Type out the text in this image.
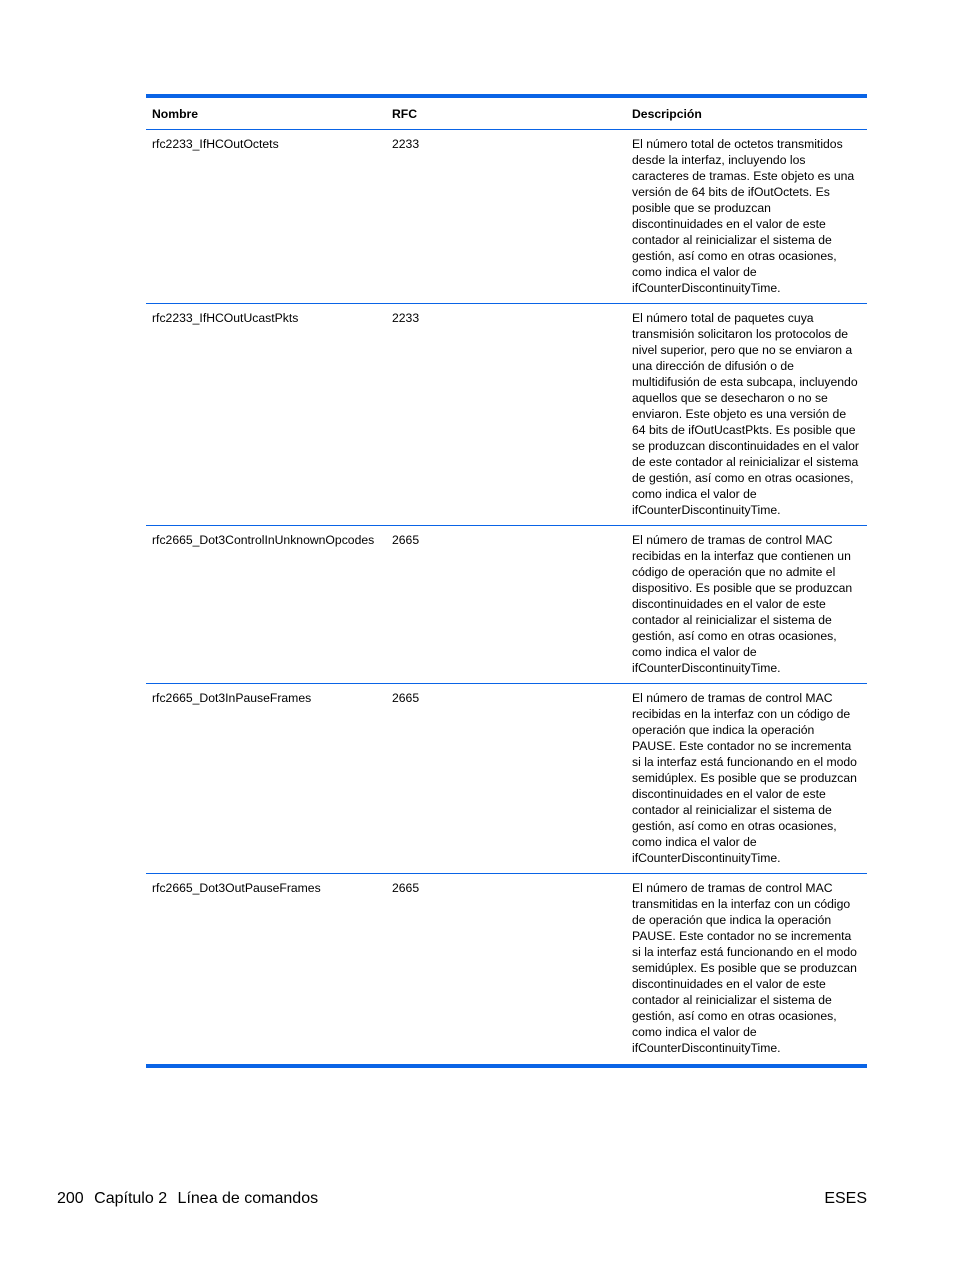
Nombre	RFC	Descripción
rfc2233_IfHCOutOctets	2233	El número total de octetos transmitidos desde la interfaz, incluyendo los caracteres de tramas. Este objeto es una versión de 64 bits de ifOutOctets. Es posible que se produzcan discontinuidades en el valor de este contador al reinicializar el sistema de gestión, así como en otras ocasiones, como indica el valor de ifCounterDiscontinuityTime.
rfc2233_IfHCOutUcastPkts	2233	El número total de paquetes cuya transmisión solicitaron los protocolos de nivel superior, pero que no se enviaron a una dirección de difusión o de multidifusión de esta subcapa, incluyendo aquellos que se desecharon o no se enviaron. Este objeto es una versión de 64 bits de ifOutUcastPkts. Es posible que se produzcan discontinuidades en el valor de este contador al reinicializar el sistema de gestión, así como en otras ocasiones, como indica el valor de ifCounterDiscontinuityTime.
rfc2665_Dot3ControlInUnknownOpcodes	2665	El número de tramas de control MAC recibidas en la interfaz que contienen un código de operación que no admite el dispositivo. Es posible que se produzcan discontinuidades en el valor de este contador al reinicializar el sistema de gestión, así como en otras ocasiones, como indica el valor de ifCounterDiscontinuityTime.
rfc2665_Dot3InPauseFrames	2665	El número de tramas de control MAC recibidas en la interfaz con un código de operación que indica la operación PAUSE. Este contador no se incrementa si la interfaz está funcionando en el modo semidúplex. Es posible que se produzcan discontinuidades en el valor de este contador al reinicializar el sistema de gestión, así como en otras ocasiones, como indica el valor de ifCounterDiscontinuityTime.
rfc2665_Dot3OutPauseFrames	2665	El número de tramas de control MAC transmitidas en la interfaz con un código de operación que indica la operación PAUSE. Este contador no se incrementa si la interfaz está funcionando en el modo semidúplex. Es posible que se produzcan discontinuidades en el valor de este contador al reinicializar el sistema de gestión, así como en otras ocasiones, como indica el valor de ifCounterDiscontinuityTime.
200 Capítulo 2 Línea de comandos	ESES
